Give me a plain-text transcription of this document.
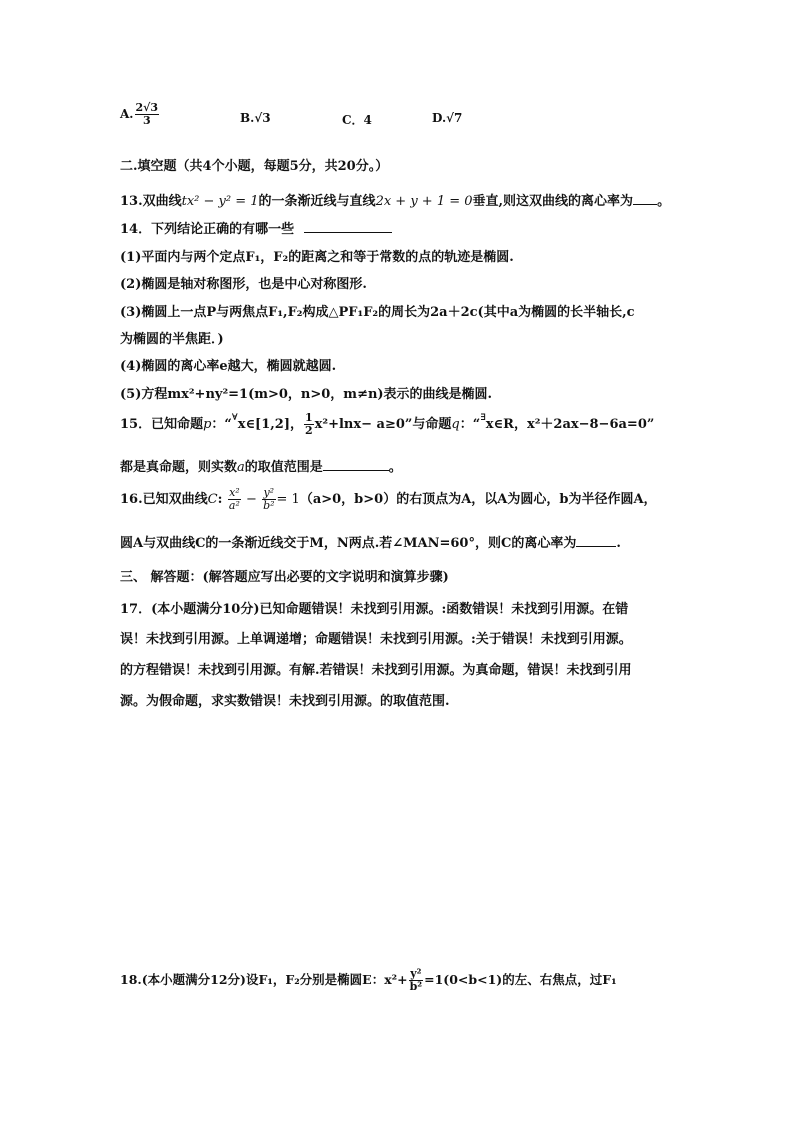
A. $\frac{2√3}{3}$	B.√3	C．4	D.√7
二.填空题（共4个小题，每题5分，共20分。）
13.双曲线tx² − y² = 1的一条渐近线与直线2x + y + 1 = 0垂直,则这双曲线的离心率为 。
14．下列结论正确的有哪一些
(1)平面内与两个定点F₁，F₂的距离之和等于常数的点的轨迹是椭圆.
(2)椭圆是轴对称图形，也是中心对称图形.
(3)椭圆上一点P与两焦点F₁,F₂构成△PF₁F₂的周长为2a＋2c(其中a为椭圆的长半轴长,c
为椭圆的半焦距．)
(4)椭圆的离心率e越大，椭圆就越圆.
(5)方程mx²+ny²=1(m>0，n>0，m≠n)表示的曲线是椭圆.
15．已知命题p：“∀x∈[1,2]， $\frac{1}{2} x^2+\ln x- a\ge 0$”与命题q：“∃x∈R，x²＋2ax−8−6a=0”
都是真命题，则实数a的取值范围是	。
16.已知双曲线C: $\frac{\text{x²}}{\text{a²}} - \frac{\text{y²}}{\text{b²}} = 1(a>0$，b>0）的右顶点为A，以A为圆心，b为半径作圆A，
圆A与双曲线C的一条渐近线交于M，N两点.若∠MAN=60°，则C的离心率为	.
三、 解答题：(解答题应写出必要的文字说明和演算步骤)
17．(本小题满分10分)已知命题错误！未找到引用源。:函数错误！未找到引用源。在错
误！未找到引用源。上单调递增；命题错误！未找到引用源。:关于错误！未找到引用源。
的方程错误！未找到引用源。有解.若错误！未找到引用源。为真命题，错误！未找到引用
源。为假命题，求实数错误！未找到引用源。的取值范围.
18.(本小题满分12分)设F₁，F₂分别是椭圆E：$x^2+ \frac{\text{y²}}{\text{b²}} =1(0<b<1)$的左、右焦点，过F₁
